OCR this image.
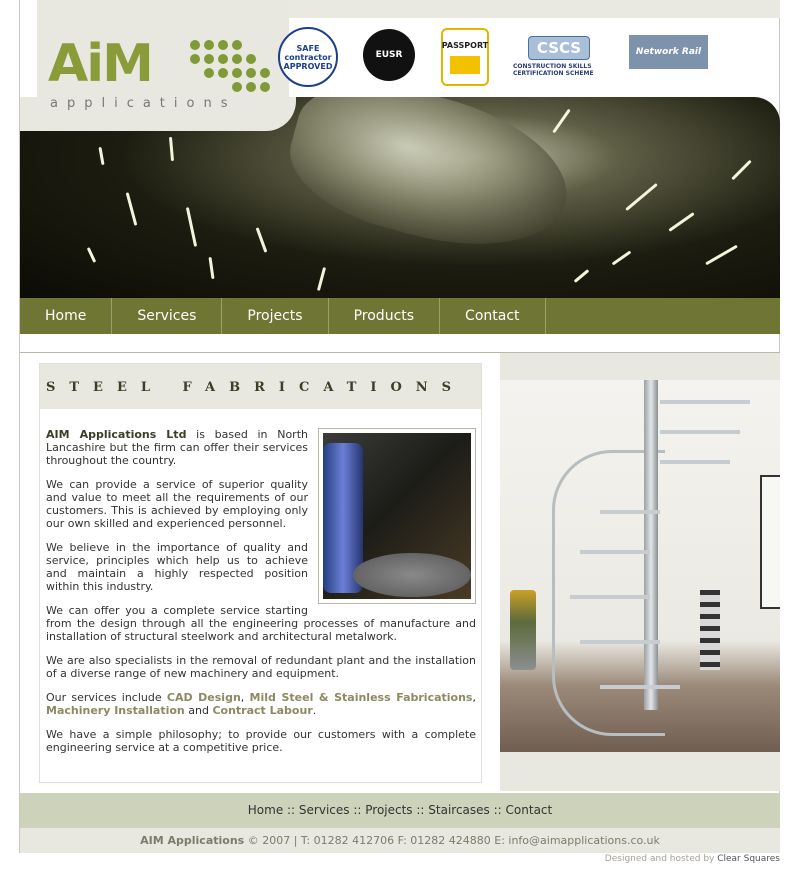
AiM
applications
SAFE contractor APPROVED
EUSR
PASSPORT	CSCS
CONSTRUCTION SKILLS CERTIFICATION SCHEME
Network Rail
Home	Services	Projects	Products	Contact
STEEL FABRICATIONS

AIM Applications Ltd is based in North Lancashire but the firm can offer their services throughout the country.

We can provide a service of superior quality and value to meet all the requirements of our customers. This is achieved by employing only our own skilled and experienced personnel.

We believe in the importance of quality and service, principles which help us to achieve and maintain a highly respected position within this industry.

We can offer you a complete service starting from the design through all the engineering processes of manufacture and installation of structural steelwork and architectural metalwork.

We are also specialists in the removal of redundant plant and the installation of a diverse range of new machinery and equipment.

Our services include CAD Design, Mild Steel & Stainless Fabrications, Machinery Installation and Contract Labour.

We have a simple philosophy; to provide our customers with a complete engineering service at a competitive price.

Home :: Services :: Projects :: Staircases :: Contact
AIM Applications © 2007 | T: 01282 412706 F: 01282 424880 E: info@aimapplications.co.uk
Designed and hosted by Clear Squares
